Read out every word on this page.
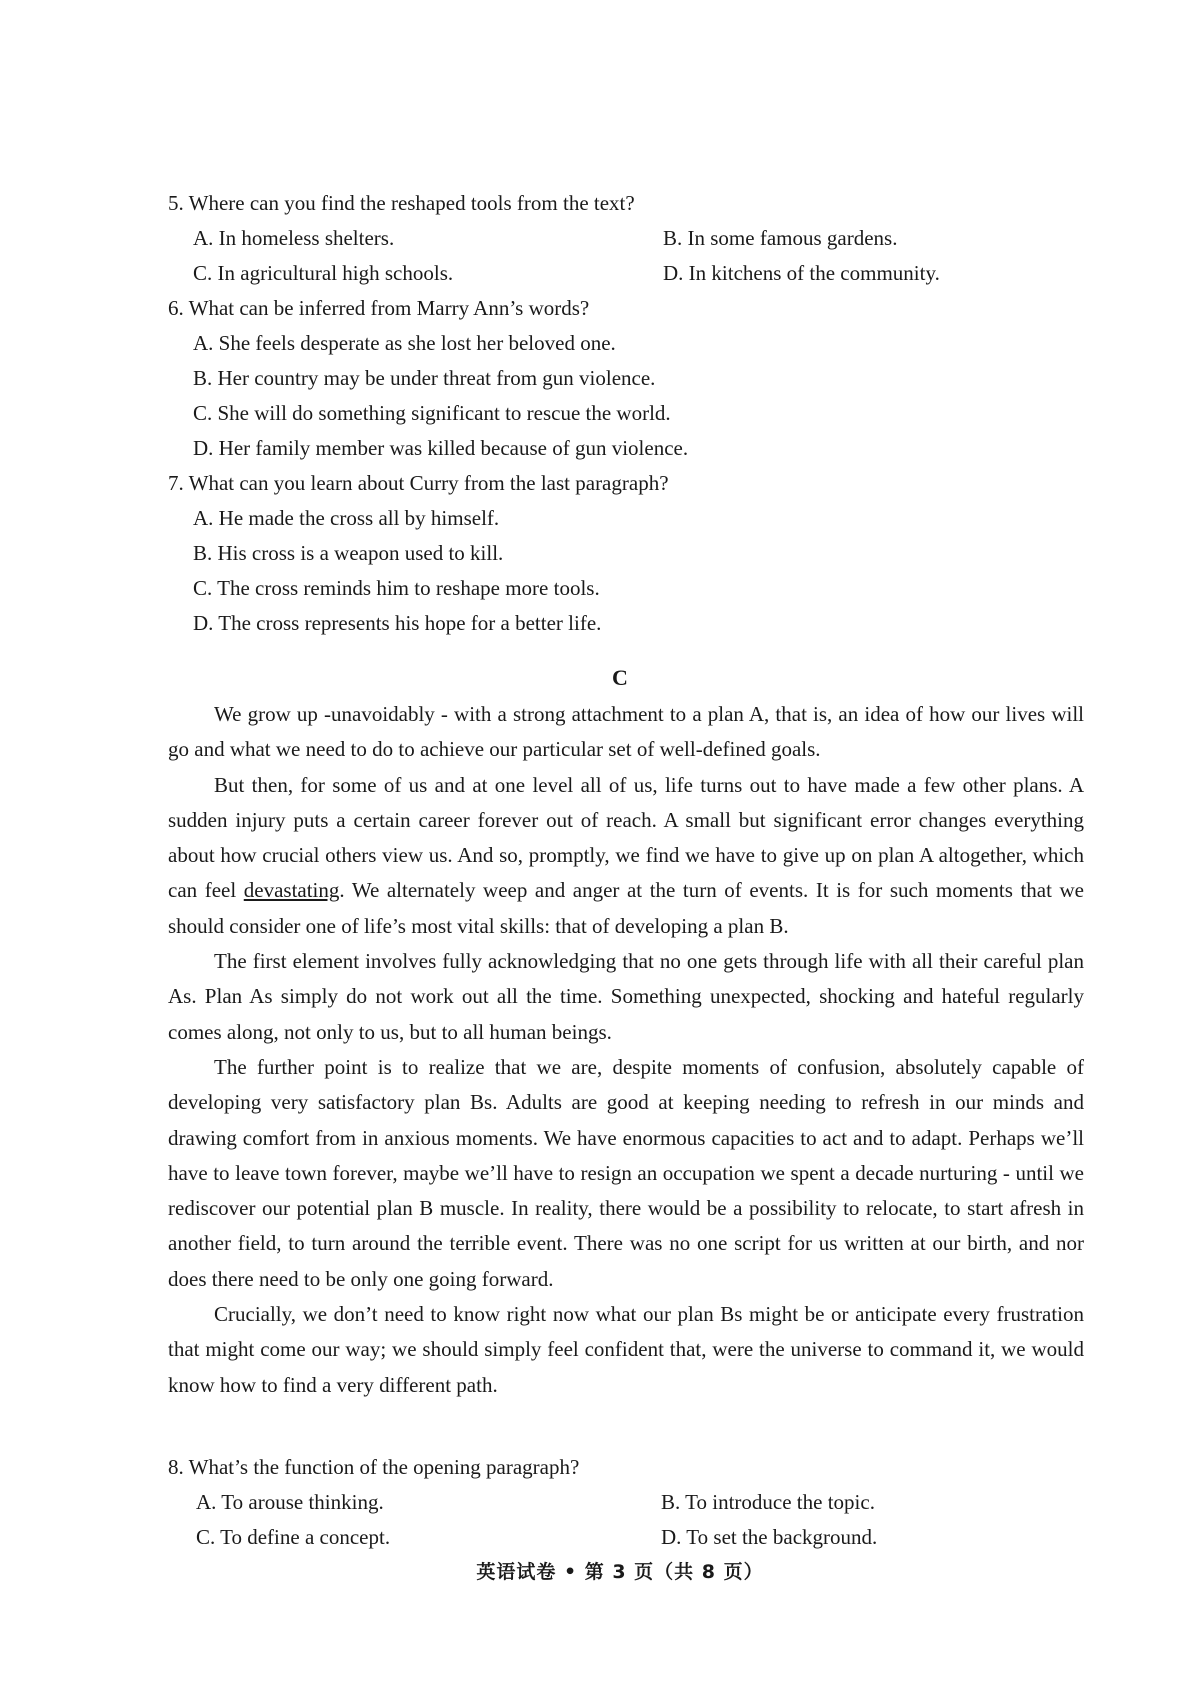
5. Where can you find the reshaped tools from the text?
A. In homeless shelters.	B. In some famous gardens.
C. In agricultural high schools.	D. In kitchens of the community.
6. What can be inferred from Marry Ann’s words?
A. She feels desperate as she lost her beloved one.
B. Her country may be under threat from gun violence.
C. She will do something significant to rescue the world.
D. Her family member was killed because of gun violence.
7. What can you learn about Curry from the last paragraph?
A. He made the cross all by himself.
B. His cross is a weapon used to kill.
C. The cross reminds him to reshape more tools.
D. The cross represents his hope for a better life.
C

We grow up -unavoidably - with a strong attachment to a plan A, that is, an idea of how our lives will go and what we need to do to achieve our particular set of well-defined goals.

But then, for some of us and at one level all of us, life turns out to have made a few other plans. A sudden injury puts a certain career forever out of reach. A small but significant error changes everything about how crucial others view us. And so, promptly, we find we have to give up on plan A altogether, which can feel devastating. We alternately weep and anger at the turn of events. It is for such moments that we should consider one of life’s most vital skills: that of developing a plan B.

The first element involves fully acknowledging that no one gets through life with all their careful plan As. Plan As simply do not work out all the time. Something unexpected, shocking and hateful regularly comes along, not only to us, but to all human beings.

The further point is to realize that we are, despite moments of confusion, absolutely capable of developing very satisfactory plan Bs. Adults are good at keeping needing to refresh in our minds and drawing comfort from in anxious moments. We have enormous capacities to act and to adapt. Perhaps we’ll have to leave town forever, maybe we’ll have to resign an occupation we spent a decade nurturing - until we rediscover our potential plan B muscle. In reality, there would be a possibility to relocate, to start afresh in another field, to turn around the terrible event. There was no one script for us written at our birth, and nor does there need to be only one going forward.

Crucially, we don’t need to know right now what our plan Bs might be or anticipate every frustration that might come our way; we should simply feel confident that, were the universe to command it, we would know how to find a very different path.

8. What’s the function of the opening paragraph?
A. To arouse thinking.	B. To introduce the topic.
C. To define a concept.	D. To set the background.
英语试卷 • 第 3 页（共 8 页）
